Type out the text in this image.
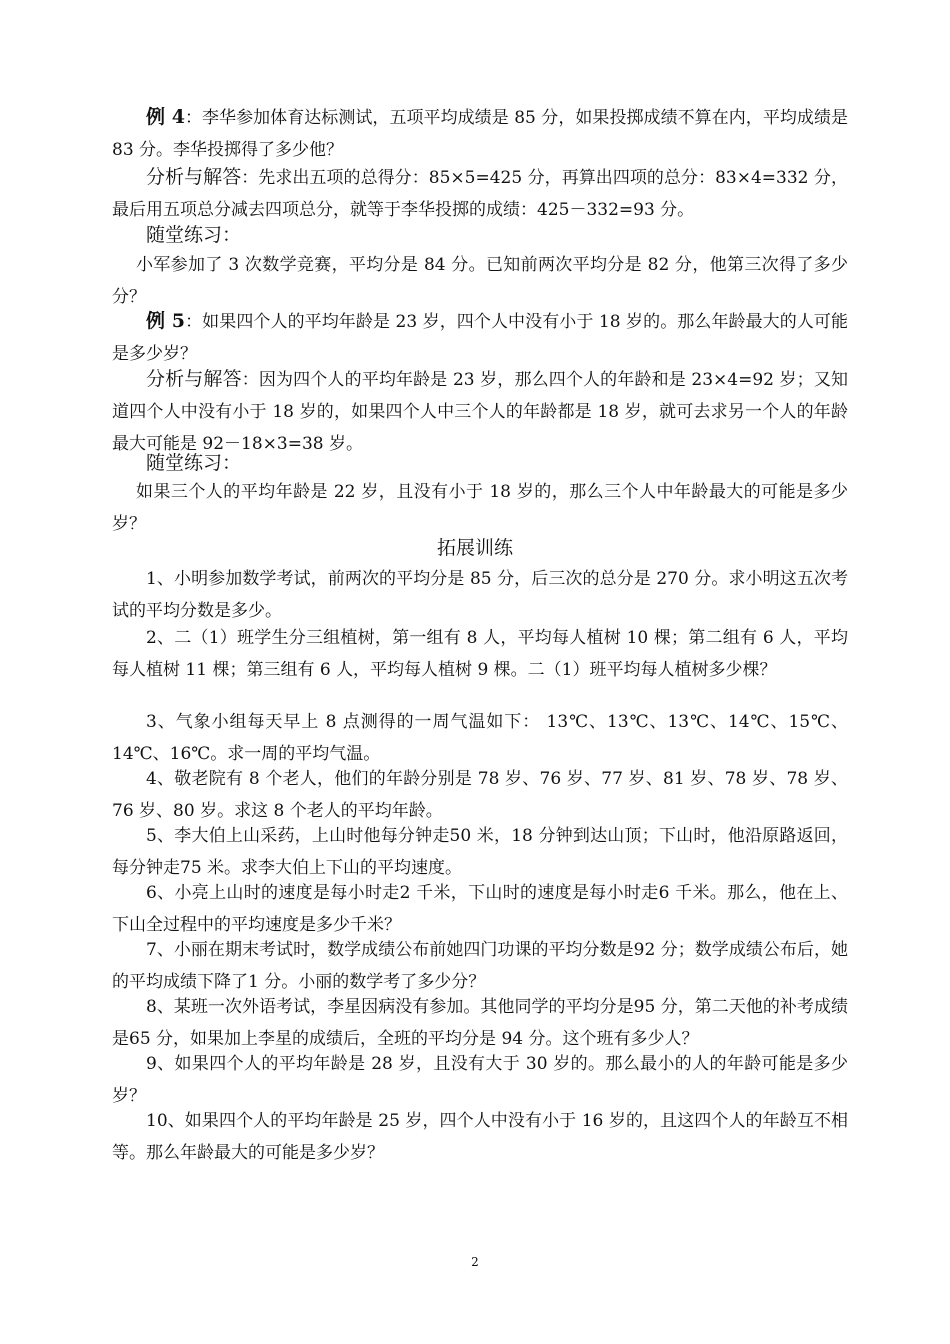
例 4：李华参加体育达标测试，五项平均成绩是 85 分，如果投掷成绩不算在内，平均成绩是 83 分。李华投掷得了多少他？
分析与解答：先求出五项的总得分：85×5=425 分，再算出四项的总分：83×4=332 分，最后用五项总分减去四项总分，就等于李华投掷的成绩：425－332=93 分。
随堂练习：
小军参加了 3 次数学竞赛，平均分是 84 分。已知前两次平均分是 82 分，他第三次得了多少分？
例 5：如果四个人的平均年龄是 23 岁，四个人中没有小于 18 岁的。那么年龄最大的人可能是多少岁？
分析与解答：因为四个人的平均年龄是 23 岁，那么四个人的年龄和是 23×4=92 岁；又知道四个人中没有小于 18 岁的，如果四个人中三个人的年龄都是 18 岁，就可去求另一个人的年龄最大可能是 92－18×3=38 岁。
随堂练习：
如果三个人的平均年龄是 22 岁，且没有小于 18 岁的，那么三个人中年龄最大的可能是多少岁？
拓展训练
1、小明参加数学考试，前两次的平均分是 85 分，后三次的总分是 270 分。求小明这五次考试的平均分数是多少。
2、二（1）班学生分三组植树，第一组有 8 人，平均每人植树 10 棵；第二组有 6 人，平均每人植树 11 棵；第三组有 6 人，平均每人植树 9 棵。二（1）班平均每人植树多少棵？
3、气象小组每天早上 8 点测得的一周气温如下： 13℃、13℃、13℃、14℃、15℃、14℃、16℃。求一周的平均气温。
4、敬老院有 8 个老人，他们的年龄分别是 78 岁、76 岁、77 岁、81 岁、78 岁、78 岁、76 岁、80 岁。求这 8 个老人的平均年龄。
5、李大伯上山采药，上山时他每分钟走50 米，18 分钟到达山顶；下山时，他沿原路返回，每分钟走75 米。求李大伯上下山的平均速度。
6、小亮上山时的速度是每小时走2 千米，下山时的速度是每小时走6 千米。那么，他在上、下山全过程中的平均速度是多少千米？
7、小丽在期末考试时，数学成绩公布前她四门功课的平均分数是92 分；数学成绩公布后，她的平均成绩下降了1 分。小丽的数学考了多少分？
8、某班一次外语考试，李星因病没有参加。其他同学的平均分是95 分，第二天他的补考成绩是65 分，如果加上李星的成绩后，全班的平均分是 94 分。这个班有多少人？
9、如果四个人的平均年龄是 28 岁，且没有大于 30 岁的。那么最小的人的年龄可能是多少岁？
10、如果四个人的平均年龄是 25 岁，四个人中没有小于 16 岁的，且这四个人的年龄互不相等。那么年龄最大的可能是多少岁？
2
